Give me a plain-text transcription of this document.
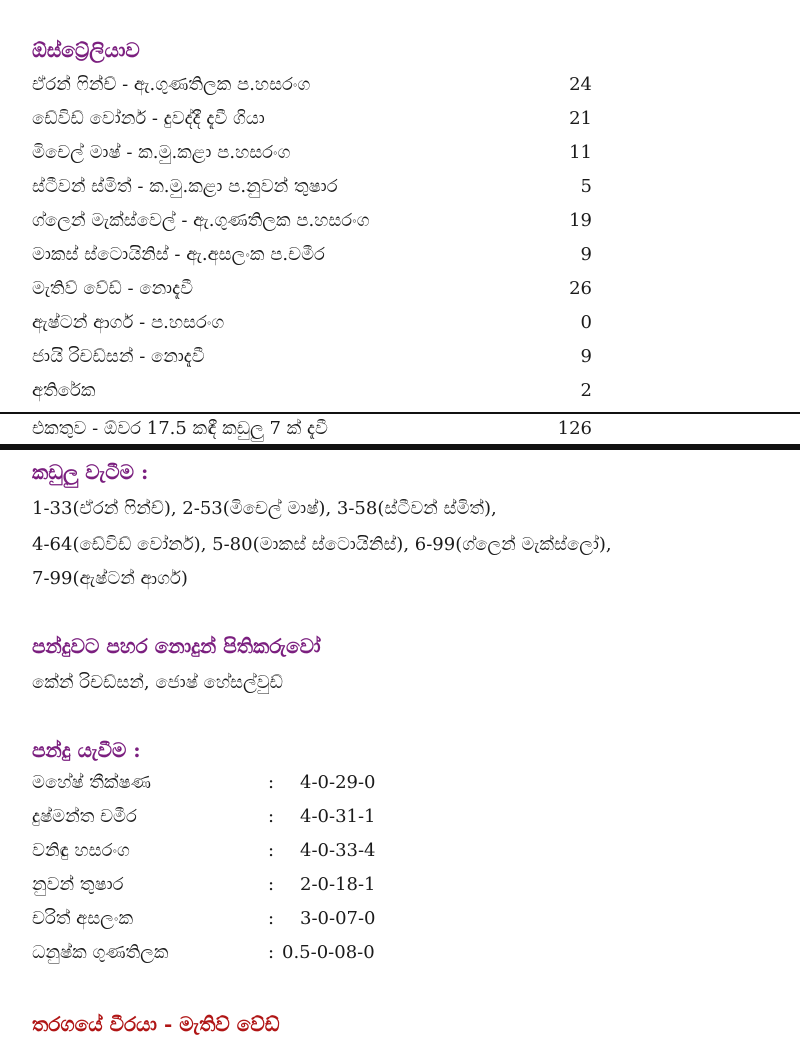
ඕස්ට්‍රේලියාව
ඒරන් ෆින්ච් - ඇ.ගුණතිලක ප.හසරංග	24
ඩේවිඩ් වෝනර් - දුවද්දී දැවී ගියා	21
මිචෙල් මාෂ් - ක.මු.කළා ප.හසරංග	11
ස්ටීවන් ස්මිත් - ක.මු.කළා ප.නුවන් තුෂාර	5
ග්ලෙන් මැක්ස්වෙල් - ඇ.ගුණතිලක ප.හසරංග	19
මාකස් ස්ටොයිනිස් - ඇ.අසලංක ප.චමීර	9
මැතිව් වේඩ් - නොදැවී	26
ඇෂ්ටන් ආගර් - ප.හසරංග	0
ජායි රිචඩ්සන් - නොදැවී	9
අතිරේක	2
එකතුව - ඕවර 17.5 කඳී කඩුලු 7 ක් දැවී	126
කඩුලු වැටීම :
1-33(ඒරන් ෆින්ච්), 2-53(මිචෙල් මාෂ්), 3-58(ස්ටීවන් ස්මිත්),
4-64(ඩේවිඩ් වෝනර්), 5-80(මාකස් ස්ටොයිනිස්), 6-99(ග්ලෙන් මැක්ස්ලෝ),
7-99(ඇෂ්ටන් ආගර්)
පන්දුවට පහර නොදුන් පිතිකරුවෝ
කේන් රිචඩ්සන්, ජොෂ් හේසල්වුඩ්
පන්දු යැවීම :
මහේෂ් තීක්ෂණ	: 4-0-29-0
දුෂ්මන්ත චමීර	: 4-0-31-1
වනිඳු හසරංග	: 4-0-33-4
නුවන් තුෂාර	: 2-0-18-1
චරිත් අසලංක	: 3-0-07-0
ධනුෂ්ක ගුණතිලක	: 0.5-0-08-0
තරගයේ වීරයා - මැතිව් වේඩ්
